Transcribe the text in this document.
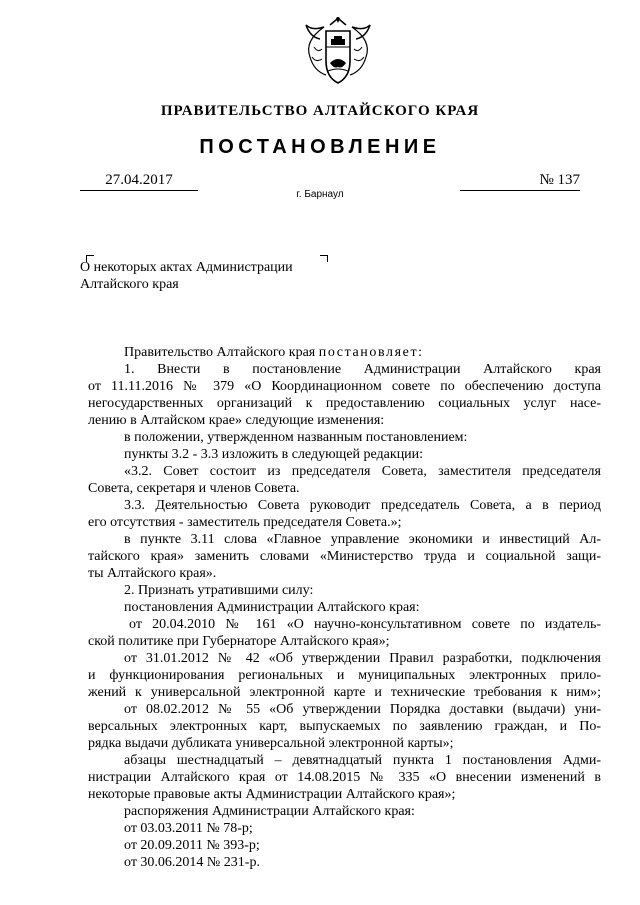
ПРАВИТЕЛЬСТВО АЛТАЙСКОГО КРАЯ
ПОСТАНОВЛЕНИЕ
27.04.2017	№ 137
г. Барнаул
О некоторых актах Администрации
Алтайского края
Правительство Алтайского края постановляет:
1. Внести в постановление Администрации Алтайского края
от 11.11.2016 № 379 «О Координационном совете по обеспечению доступа
негосударственных организаций к предоставлению социальных услуг насе-
лению в Алтайском крае» следующие изменения:
в положении, утвержденном названным постановлением:
пункты 3.2 - 3.3 изложить в следующей редакции:
«3.2. Совет состоит из председателя Совета, заместителя председателя
Совета, секретаря и членов Совета.
3.3. Деятельностью Совета руководит председатель Совета, а в период
его отсутствия - заместитель председателя Совета.»;
в пункте 3.11 слова «Главное управление экономики и инвестиций Ал-
тайского края» заменить словами «Министерство труда и социальной защи-
ты Алтайского края».
2. Признать утратившими силу:
постановления Администрации Алтайского края:
от 20.04.2010 № 161 «О научно-консультативном совете по издатель-
ской политике при Губернаторе Алтайского края»;
от 31.01.2012 № 42 «Об утверждении Правил разработки, подключения
и функционирования региональных и муниципальных электронных прило-
жений к универсальной электронной карте и технические требования к ним»;
от 08.02.2012 № 55 «Об утверждении Порядка доставки (выдачи) уни-
версальных электронных карт, выпускаемых по заявлению граждан, и По-
рядка выдачи дубликата универсальной электронной карты»;
абзацы шестнадцатый – девятнадцатый пункта 1 постановления Адми-
нистрации Алтайского края от 14.08.2015 № 335 «О внесении изменений в
некоторые правовые акты Администрации Алтайского края»;
распоряжения Администрации Алтайского края:
от 03.03.2011 № 78-р;
от 20.09.2011 № 393-р;
от 30.06.2014 № 231-р.
